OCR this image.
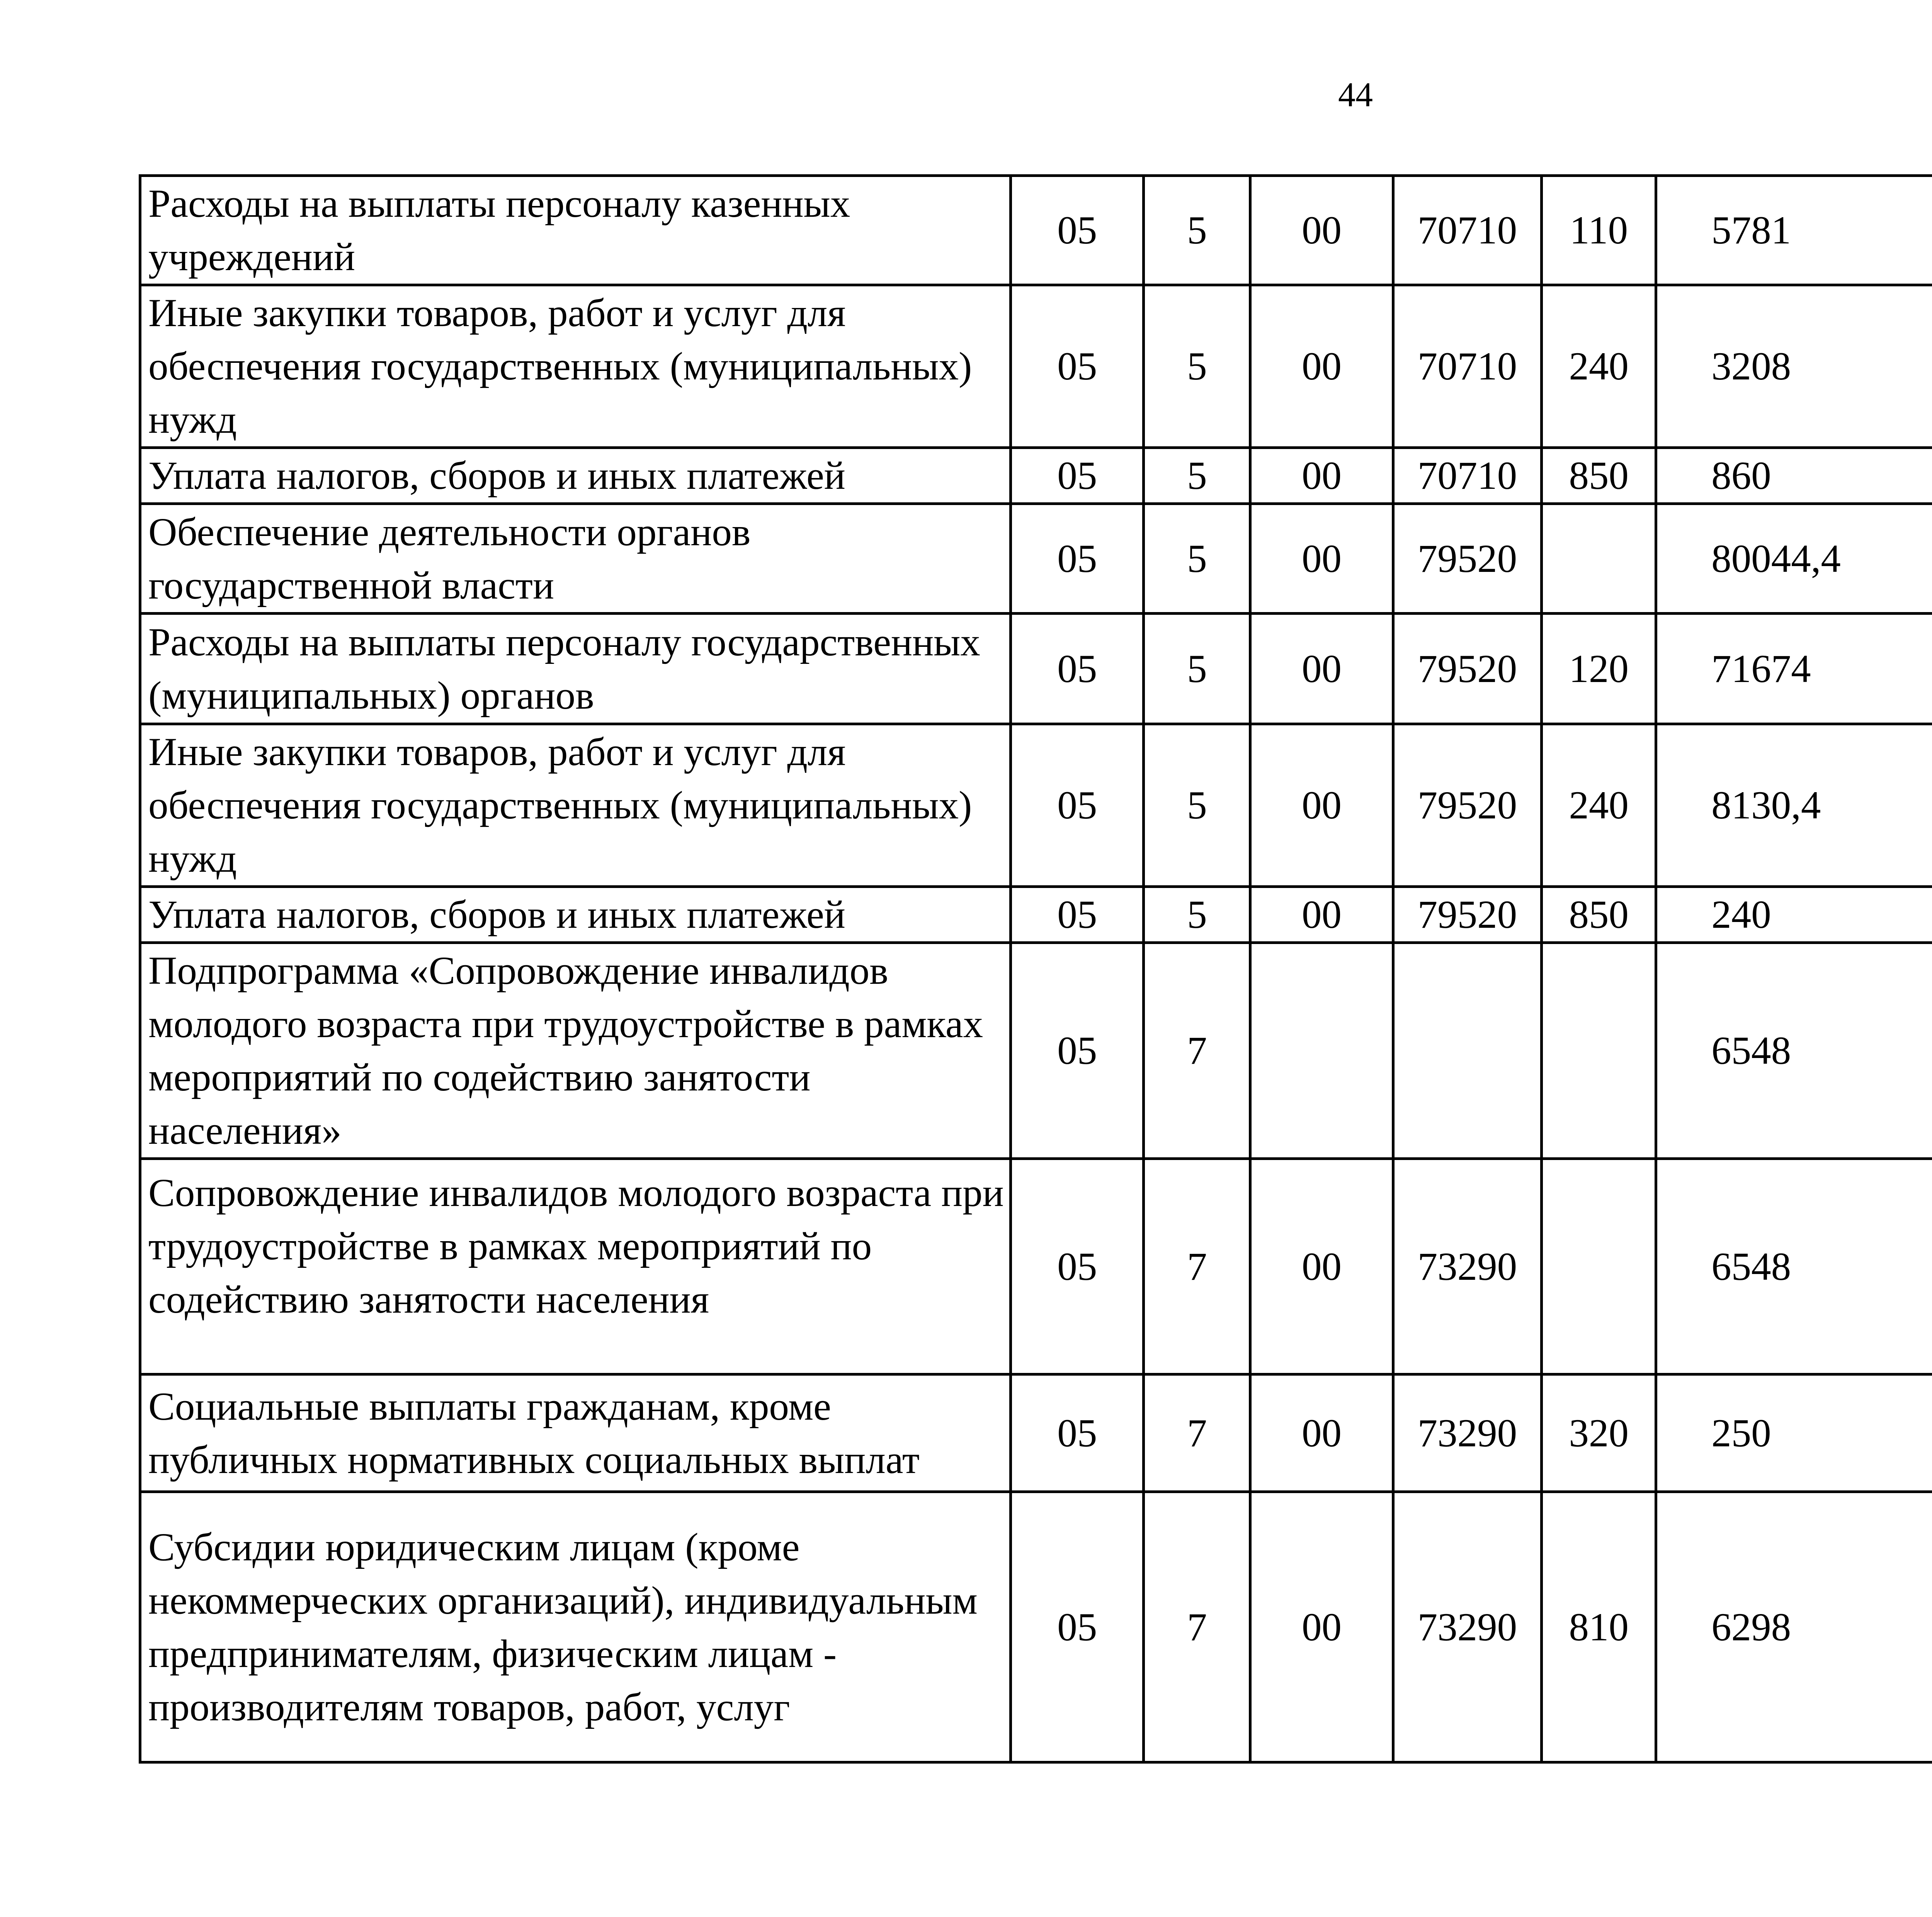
44
Расходы на выплаты персоналу казенных учреждений	05	5	00	70710	110	5781		

Иные закупки товаров, работ и услуг для обеспечения государственных (муниципальных) нужд	05	5	00	70710	240	3208		

Уплата налогов, сборов и иных платежей	05	5	00	70710	850	860		

Обеспечение деятельности органов государственной власти	05	5	00	79520		80044,4		

Расходы на выплаты персоналу государственных (муниципальных) органов	05	5	00	79520	120	71674		

Иные закупки товаров, работ и услуг для обеспечения государственных (муниципальных) нужд	05	5	00	79520	240	8130,4		

Уплата налогов, сборов и иных платежей	05	5	00	79520	850	240		

Подпрограмма «Сопровождение инвалидов молодого возраста при трудоустройстве в рамках мероприятий по содействию занятости населения»	05	7				6548		

Сопровождение инвалидов молодого возраста при трудоустройстве в рамках мероприятий по содействию занятости населения	05	7	00	73290		6548		

Социальные выплаты гражданам, кроме публичных нормативных социальных выплат	05	7	00	73290	320	250		

Субсидии юридическим лицам (кроме некоммерческих организаций), индивидуальным предпринимателям, физическим лицам - производителям товаров, работ, услуг	05	7	00	73290	810	6298		
